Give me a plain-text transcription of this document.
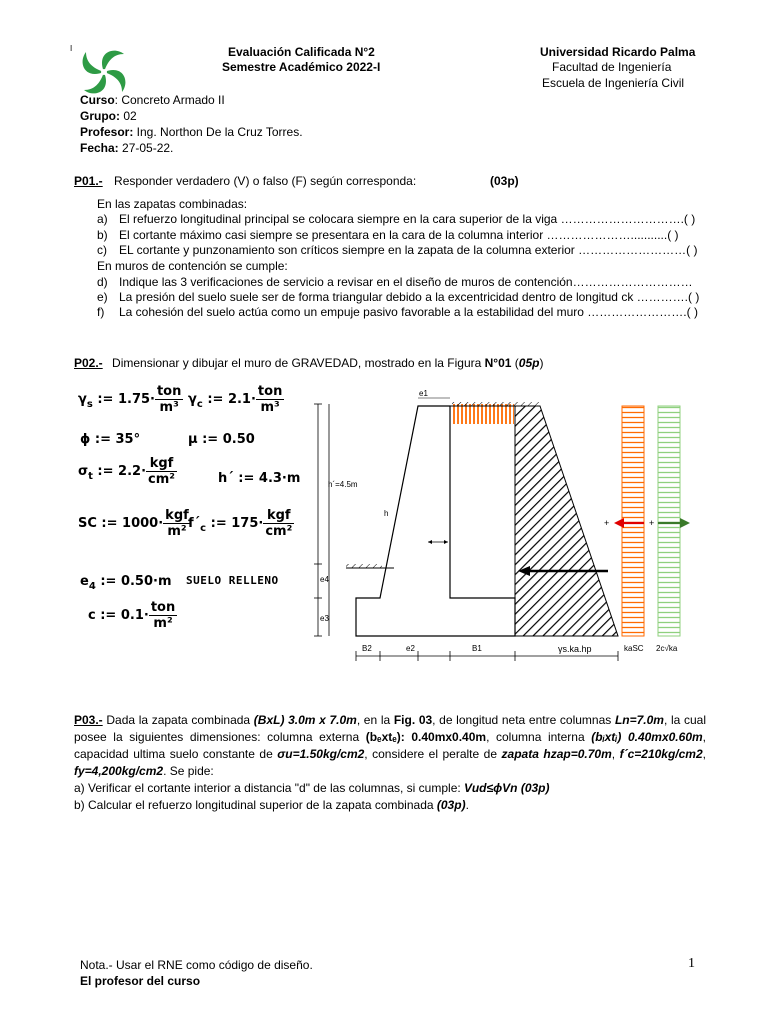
I	Evaluación Calificada N°2
Semestre Académico 2022-I
Universidad Ricardo Palma
Facultad de Ingeniería
Escuela de Ingeniería Civil
Curso: Concreto Armado II
Grupo: 02
Profesor: Ing. Northon De la Cruz Torres.
Fecha: 27-05-22.
P01.- Responder verdadero (V) o falso (F) según corresponda:	(03p)
En las zapatas combinadas:
a) El refuerzo longitudinal principal se colocara siempre en la cara superior de la viga ………………………….( )
b) El cortante máximo casi siempre se presentara en la cara de la columna interior …………………...........( )
c) EL cortante y punzonamiento son críticos siempre en la zapata de la columna exterior ………………………( )
En muros de contención se cumple:
d) Indique las 3 verificaciones de servicio a revisar en el diseño de muros de contención…………………………
e) La presión del suelo suele ser de forma triangular debido a la excentricidad dentro de longitud ck ………….( )
f) La cohesión del suelo actúa como un empuje pasivo favorable a la estabilidad del muro …………………….( )
P02.- Dimensionar y dibujar el muro de GRAVEDAD, mostrado en la Figura N°01 (05p)
$\gamma_s$ := $1.75\cdot \frac{\text{ton}}{\text{m³}} \gamma_c$ := $2.1\cdot \frac{\text{ton}}{\text{m³}}$
ϕ := 35°	μ := 0.50
$\sigma_t$ := $2.2\cdot \frac{\text{kgf}}{\text{cm²}}$	h´ := 4.3·m
SC := $1000\cdot \frac{\text{kgf}}{\text{m²}}$
$f´_c$ := $175\cdot \frac{\text{kgf}}{\text{cm²}}$
$e_4$ := 0.50·m SUELO RELLENO
c := $0.1\cdot \frac{\text{ton}}{\text{m²}}$
e1
h´=4.5m
h
e4
e3
B2	e2	B1	γs.ka.hp	kaSC 2c√ka
+	+
P03.- Dada la zapata combinada (BxL) 3.0m x 7.0m, en la Fig. 03, de longitud neta entre columnas Ln=7.0m, la cual
posee la siguientes dimensiones: columna externa (bₑxtₑ): 0.40mx0.40m, columna interna (bᵢxtᵢ) 0.40mx0.60m,
capacidad ultima suelo constante de σu=1.50kg/cm2, considere el peralte de zapata hzap=0.70m, f´c=210kg/cm2,
fy=4,200kg/cm2. Se pide:
a) Verificar el cortante interior a distancia "d" de las columnas, si cumple: Vud≤ϕVn (03p)
b) Calcular el refuerzo longitudinal superior de la zapata combinada (03p).
Nota.- Usar el RNE como código de diseño.
El profesor del curso
1
